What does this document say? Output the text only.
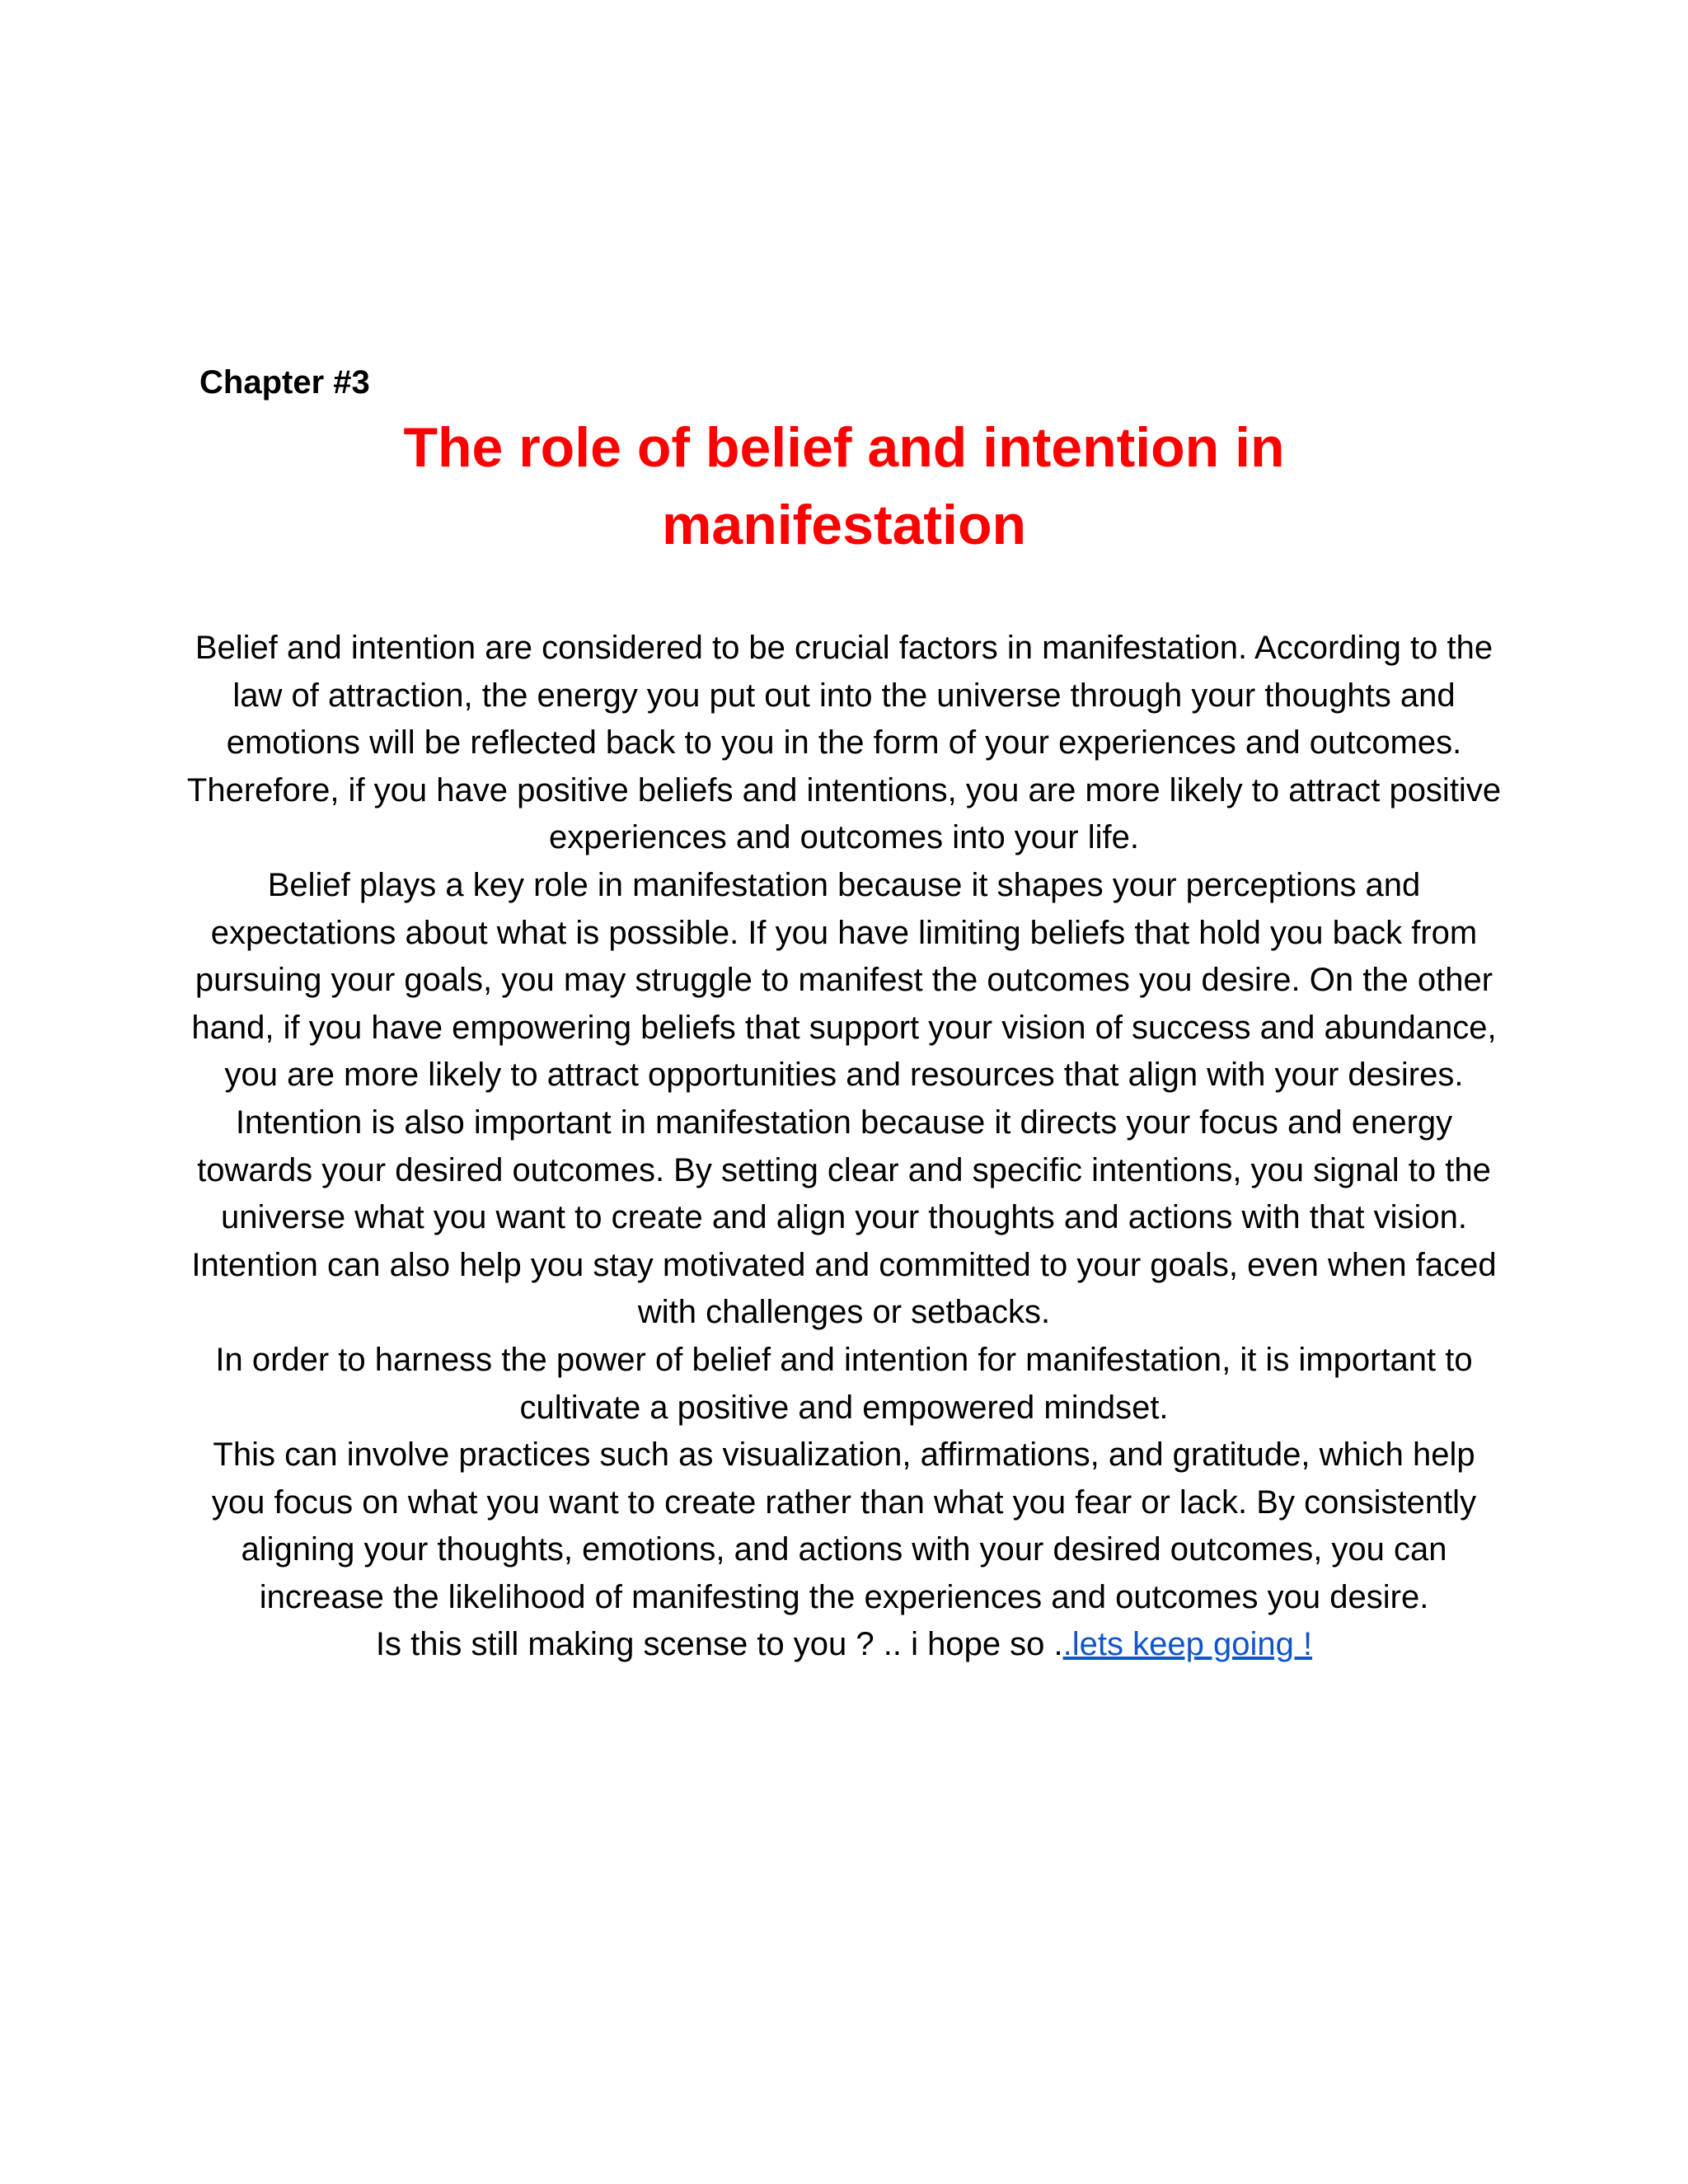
Chapter #3

The role of belief and intention in
manifestation

Belief and intention are considered to be crucial factors in manifestation. According to the law of attraction, the energy you put out into the universe through your thoughts and emotions will be reflected back to you in the form of your experiences and outcomes. Therefore, if you have positive beliefs and intentions, you are more likely to attract positive experiences and outcomes into your life.

Belief plays a key role in manifestation because it shapes your perceptions and expectations about what is possible. If you have limiting beliefs that hold you back from pursuing your goals, you may struggle to manifest the outcomes you desire. On the other hand, if you have empowering beliefs that support your vision of success and abundance, you are more likely to attract opportunities and resources that align with your desires.

Intention is also important in manifestation because it directs your focus and energy towards your desired outcomes. By setting clear and specific intentions, you signal to the universe what you want to create and align your thoughts and actions with that vision. Intention can also help you stay motivated and committed to your goals, even when faced with challenges or setbacks.

In order to harness the power of belief and intention for manifestation, it is important to cultivate a positive and empowered mindset.

This can involve practices such as visualization, affirmations, and gratitude, which help you focus on what you want to create rather than what you fear or lack. By consistently aligning your thoughts, emotions, and actions with your desired outcomes, you can increase the likelihood of manifesting the experiences and outcomes you desire.

Is this still making scense to you ? .. i hope so ..lets keep going !
